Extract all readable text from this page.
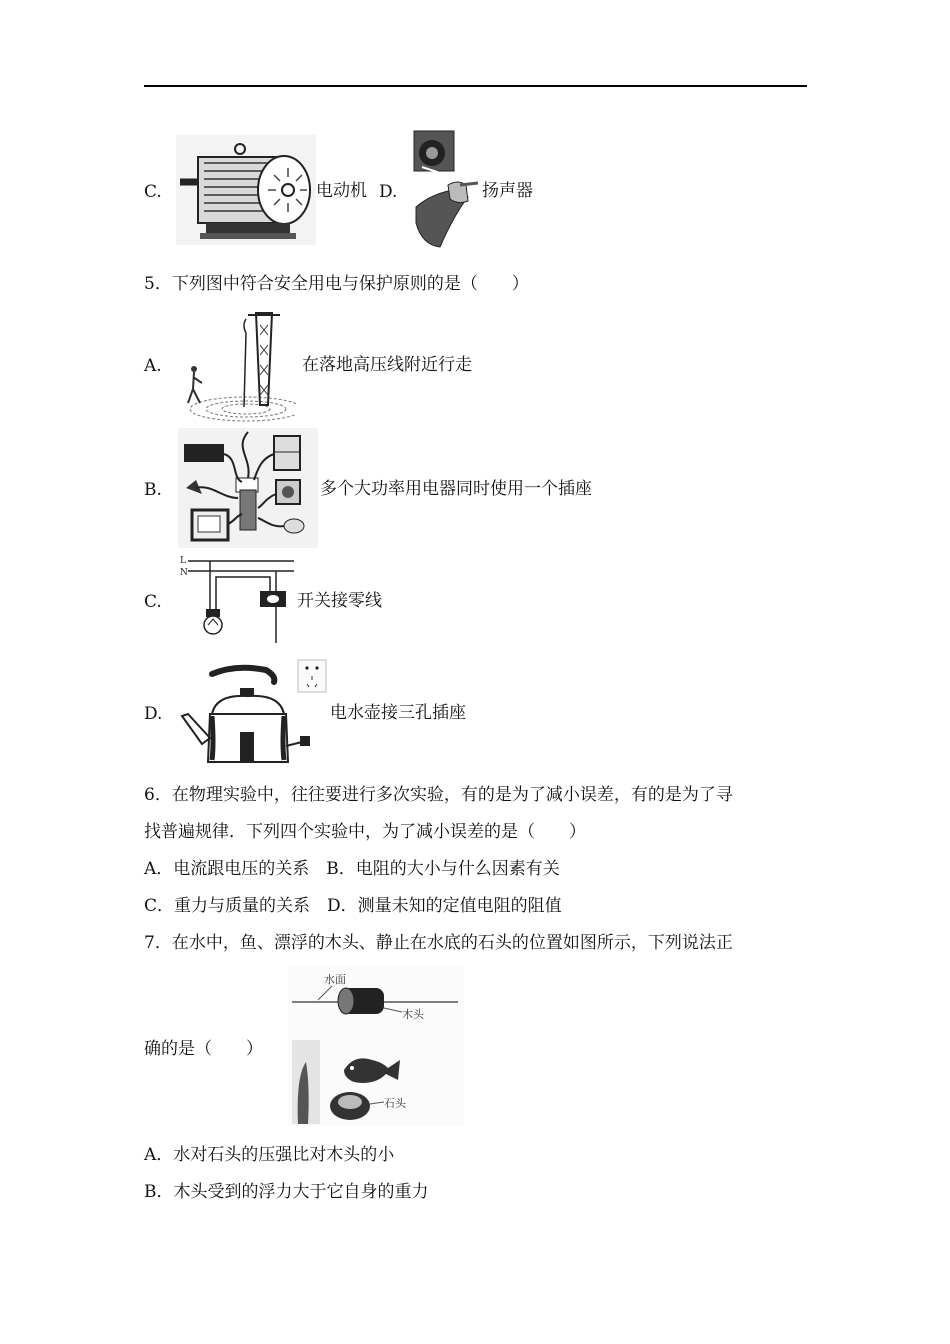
C.	电动机 D.	扬声器
5．下列图中符合安全用电与保护原则的是（　　）
A.	在落地高压线附近行走
B.	多个大功率用电器同时使用一个插座
C.
L
N
开关接零线
D.	电水壶接三孔插座
6．在物理实验中，往往要进行多次实验，有的是为了减小误差，有的是为了寻
找普遍规律．下列四个实验中，为了减小误差的是（　　）
A．电流跟电压的关系　B．电阻的大小与什么因素有关
C．重力与质量的关系　D．测量未知的定值电阻的阻值
7．在水中，鱼、漂浮的木头、静止在水底的石头的位置如图所示，下列说法正
确的是（　　）
水面
木头
石头
A．水对石头的压强比对木头的小
B．木头受到的浮力大于它自身的重力
